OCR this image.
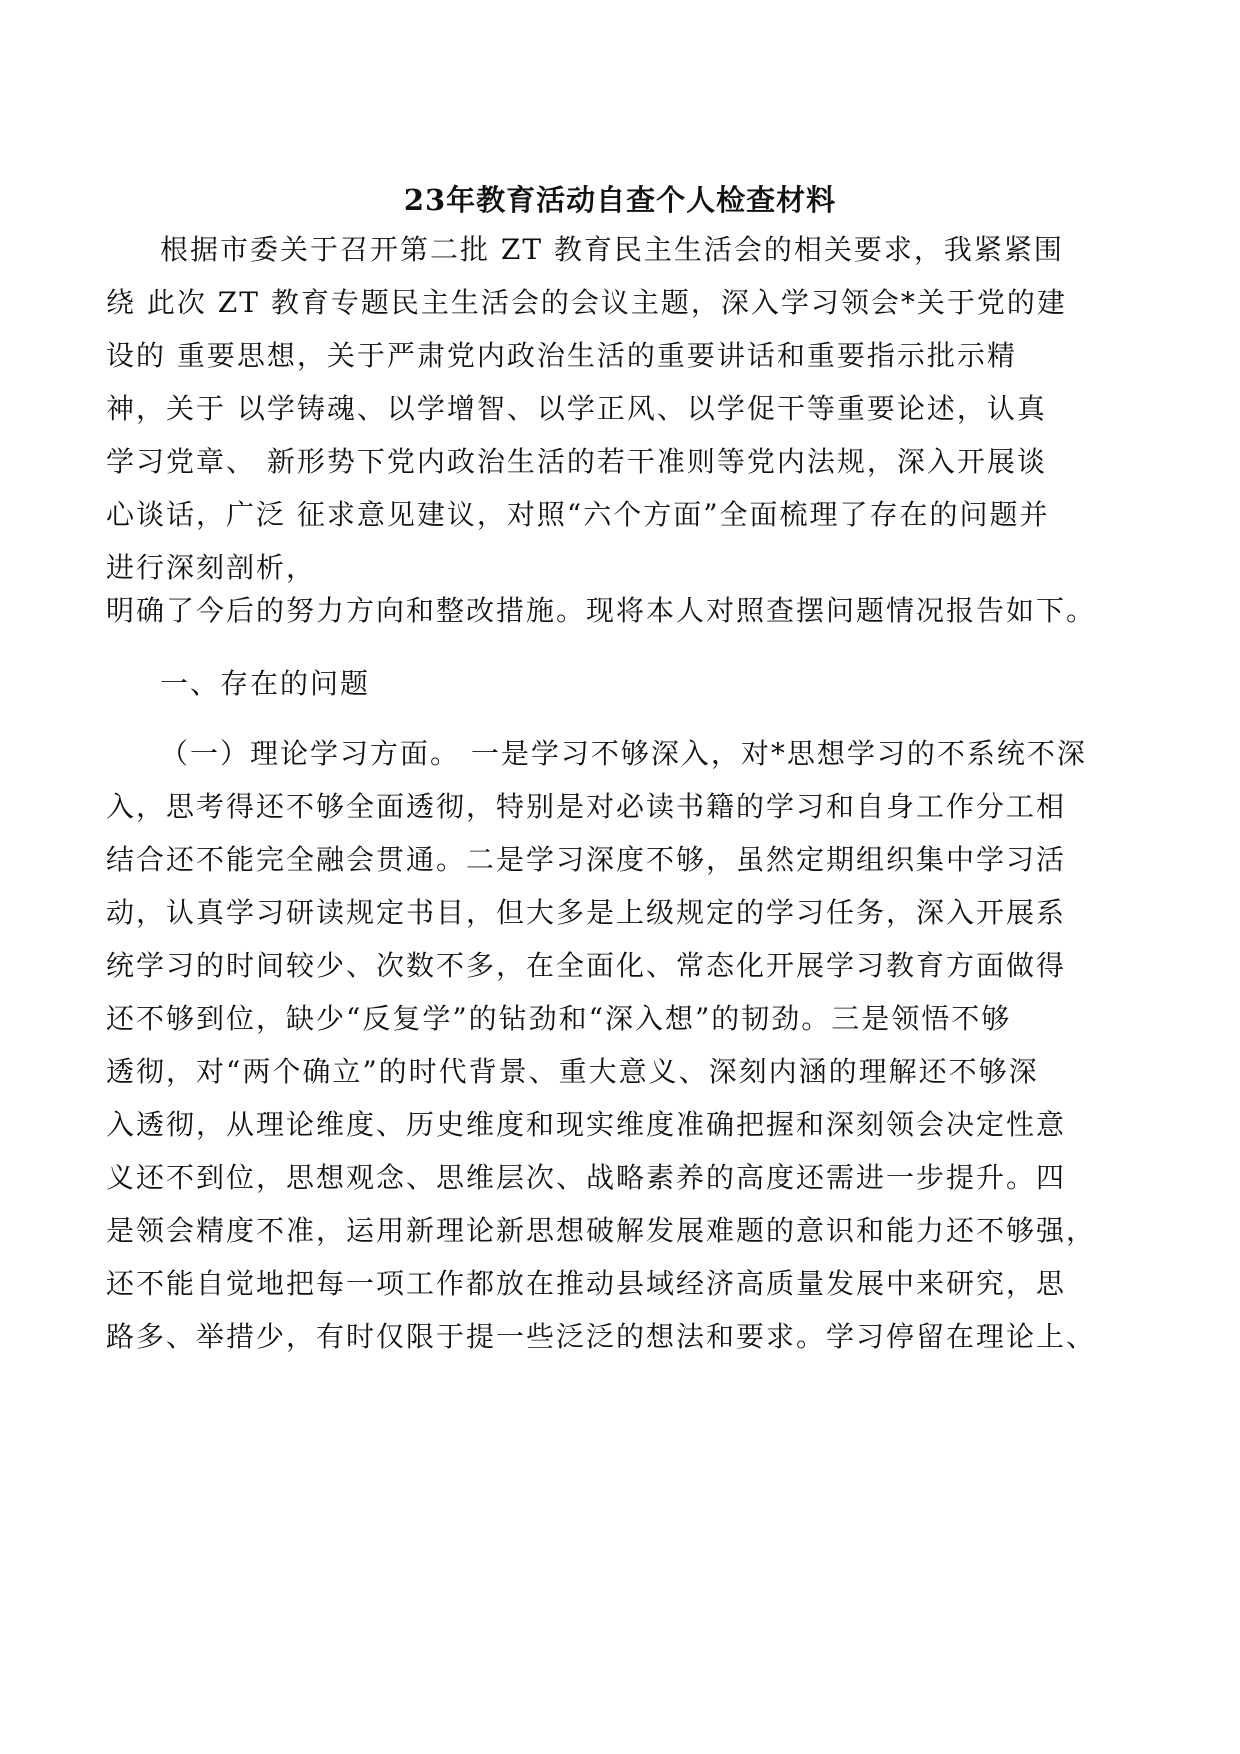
23年教育活动自查个人检查材料
根据市委关于召开第二批 ZT 教育民主生活会的相关要求，我紧紧围
绕 此次 ZT 教育专题民主生活会的会议主题，深入学习领会*关于党的建
设的 重要思想，关于严肃党内政治生活的重要讲话和重要指示批示精
神，关于 以学铸魂、以学增智、以学正风、以学促干等重要论述，认真
学习党章、 新形势下党内政治生活的若干准则等党内法规，深入开展谈
心谈话，广泛 征求意见建议，对照“六个方面”全面梳理了存在的问题并
进行深刻剖析，
明确了今后的努力方向和整改措施。现将本人对照查摆问题情况报告如下。
一、存在的问题
（一）理论学习方面。 一是学习不够深入，对*思想学习的不系统不深
入，思考得还不够全面透彻，特别是对必读书籍的学习和自身工作分工相
结合还不能完全融会贯通。二是学习深度不够，虽然定期组织集中学习活
动，认真学习研读规定书目，但大多是上级规定的学习任务，深入开展系
统学习的时间较少、次数不多，在全面化、常态化开展学习教育方面做得
还不够到位，缺少“反复学”的钻劲和“深入想”的韧劲。三是领悟不够
透彻，对“两个确立”的时代背景、重大意义、深刻内涵的理解还不够深
入透彻，从理论维度、历史维度和现实维度准确把握和深刻领会决定性意
义还不到位，思想观念、思维层次、战略素养的高度还需进一步提升。四
是领会精度不准，运用新理论新思想破解发展难题的意识和能力还不够强，
还不能自觉地把每一项工作都放在推动县域经济高质量发展中来研究，思
路多、举措少，有时仅限于提一些泛泛的想法和要求。学习停留在理论上、
